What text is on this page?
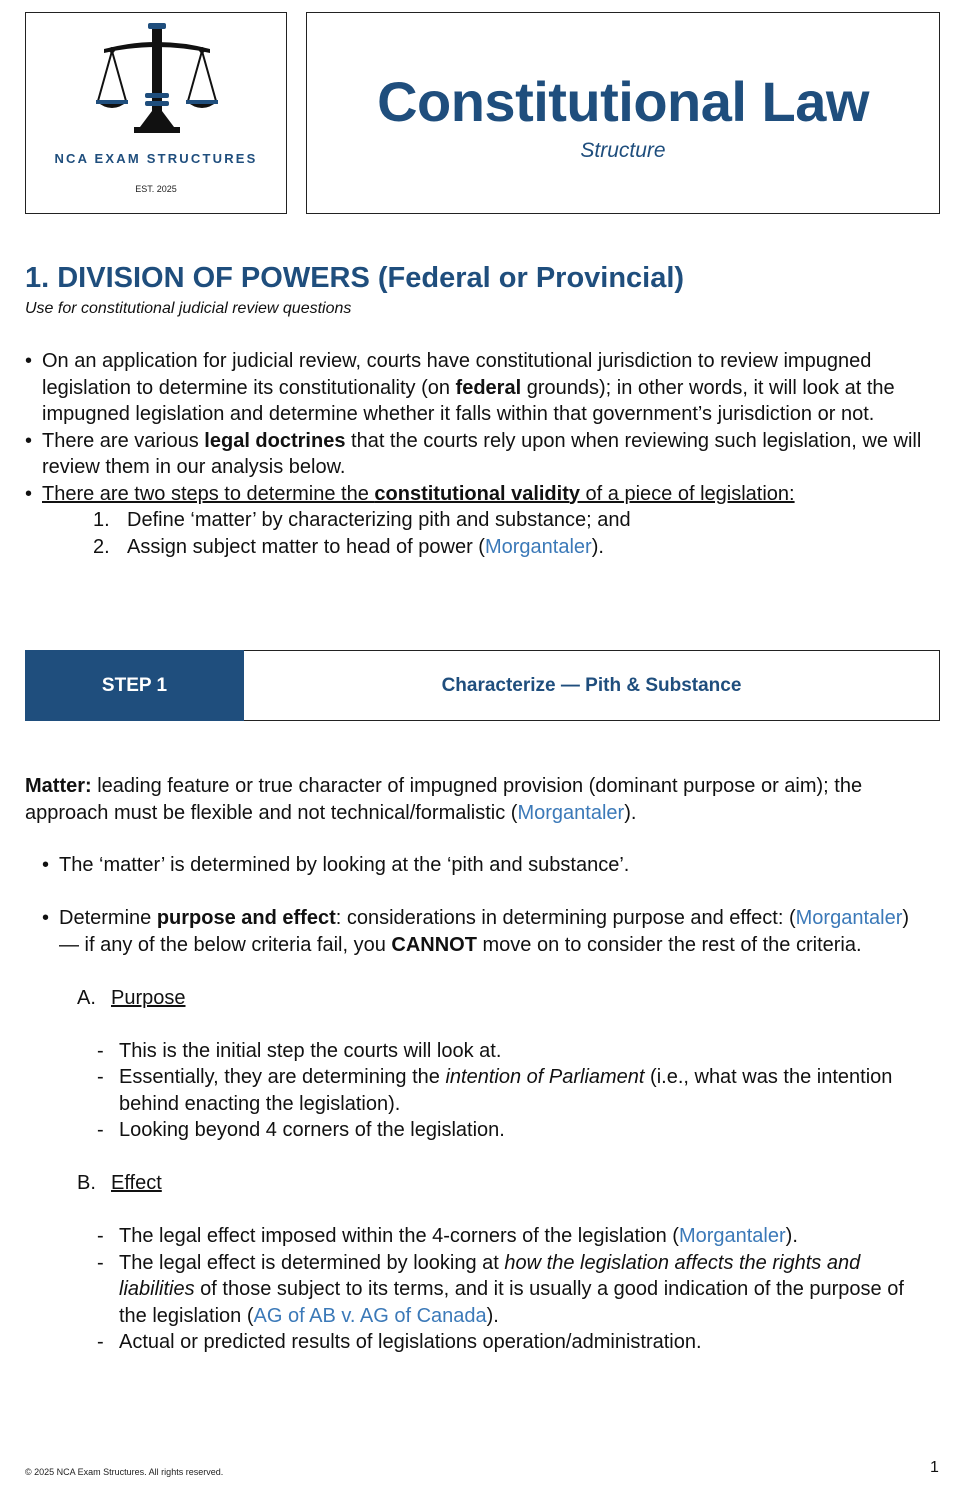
NCA EXAM STRUCTURES
EST. 2025
Constitutional Law
Structure
1. DIVISION OF POWERS (Federal or Provincial)
Use for constitutional judicial review questions
• On an application for judicial review, courts have constitutional jurisdiction to review impugned legislation to determine its constitutionality (on federal grounds); in other words, it will look at the impugned legislation and determine whether it falls within that government’s jurisdiction or not.
• There are various legal doctrines that the courts rely upon when reviewing such legislation, we will review them in our analysis below.
• There are two steps to determine the constitutional validity of a piece of legislation:
1. Define ‘matter’ by characterizing pith and substance; and
2. Assign subject matter to head of power (Morgantaler).
STEP 1	Characterize — Pith & Substance
Matter: leading feature or true character of impugned provision (dominant purpose or aim); the approach must be flexible and not technical/formalistic (Morgantaler).
• The ‘matter’ is determined by looking at the ‘pith and substance’.
• Determine purpose and effect: considerations in determining purpose and effect: (Morgantaler) — if any of the below criteria fail, you CANNOT move on to consider the rest of the criteria.
A. Purpose
- This is the initial step the courts will look at.
- Essentially, they are determining the intention of Parliament (i.e., what was the intention behind enacting the legislation).
- Looking beyond 4 corners of the legislation.
B. Effect
- The legal effect imposed within the 4-corners of the legislation (Morgantaler).
- The legal effect is determined by looking at how the legislation affects the rights and liabilities of those subject to its terms, and it is usually a good indication of the purpose of the legislation (AG of AB v. AG of Canada).
- Actual or predicted results of legislations operation/administration.
© 2025 NCA Exam Structures. All rights reserved.	1
